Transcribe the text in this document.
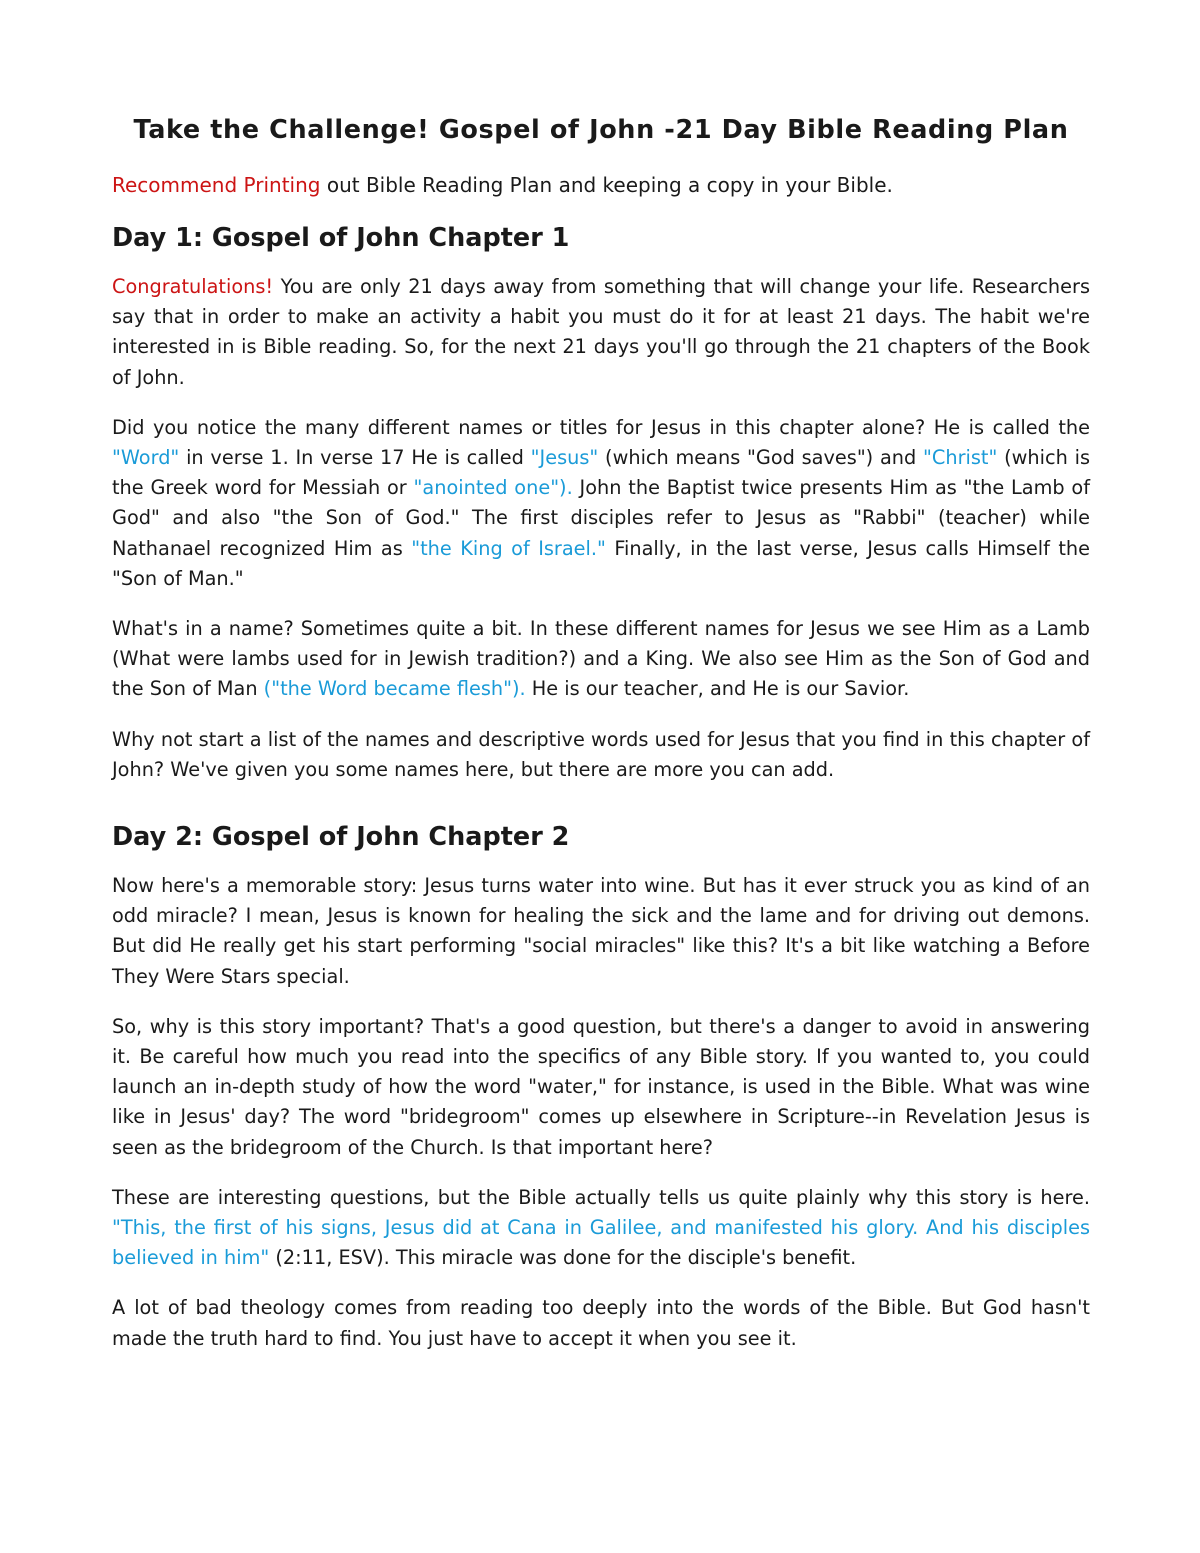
Take the Challenge! Gospel of John -21 Day Bible Reading Plan

Recommend Printing out Bible Reading Plan and keeping a copy in your Bible.

Day 1: Gospel of John Chapter 1

Congratulations! You are only 21 days away from something that will change your life. Researchers say that in order to make an activity a habit you must do it for at least 21 days. The habit we're interested in is Bible reading. So, for the next 21 days you'll go through the 21 chapters of the Book of John.

Did you notice the many different names or titles for Jesus in this chapter alone? He is called the "Word" in verse 1. In verse 17 He is called "Jesus" (which means "God saves") and "Christ" (which is the Greek word for Messiah or "anointed one"). John the Baptist twice presents Him as "the Lamb of God" and also "the Son of God." The first disciples refer to Jesus as "Rabbi" (teacher) while Nathanael recognized Him as "the King of Israel." Finally, in the last verse, Jesus calls Himself the "Son of Man."

What's in a name? Sometimes quite a bit. In these different names for Jesus we see Him as a Lamb (What were lambs used for in Jewish tradition?) and a King. We also see Him as the Son of God and the Son of Man ("the Word became flesh"). He is our teacher, and He is our Savior.

Why not start a list of the names and descriptive words used for Jesus that you find in this chapter of John? We've given you some names here, but there are more you can add.

Day 2: Gospel of John Chapter 2

Now here's a memorable story: Jesus turns water into wine. But has it ever struck you as kind of an odd miracle? I mean, Jesus is known for healing the sick and the lame and for driving out demons. But did He really get his start performing "social miracles" like this? It's a bit like watching a Before They Were Stars special.

So, why is this story important? That's a good question, but there's a danger to avoid in answering it. Be careful how much you read into the specifics of any Bible story. If you wanted to, you could launch an in-depth study of how the word "water," for instance, is used in the Bible. What was wine like in Jesus' day? The word "bridegroom" comes up elsewhere in Scripture--in Revelation Jesus is seen as the bridegroom of the Church. Is that important here?

These are interesting questions, but the Bible actually tells us quite plainly why this story is here. "This, the first of his signs, Jesus did at Cana in Galilee, and manifested his glory. And his disciples believed in him" (2:11, ESV). This miracle was done for the disciple's benefit.

A lot of bad theology comes from reading too deeply into the words of the Bible. But God hasn't made the truth hard to find. You just have to accept it when you see it.
